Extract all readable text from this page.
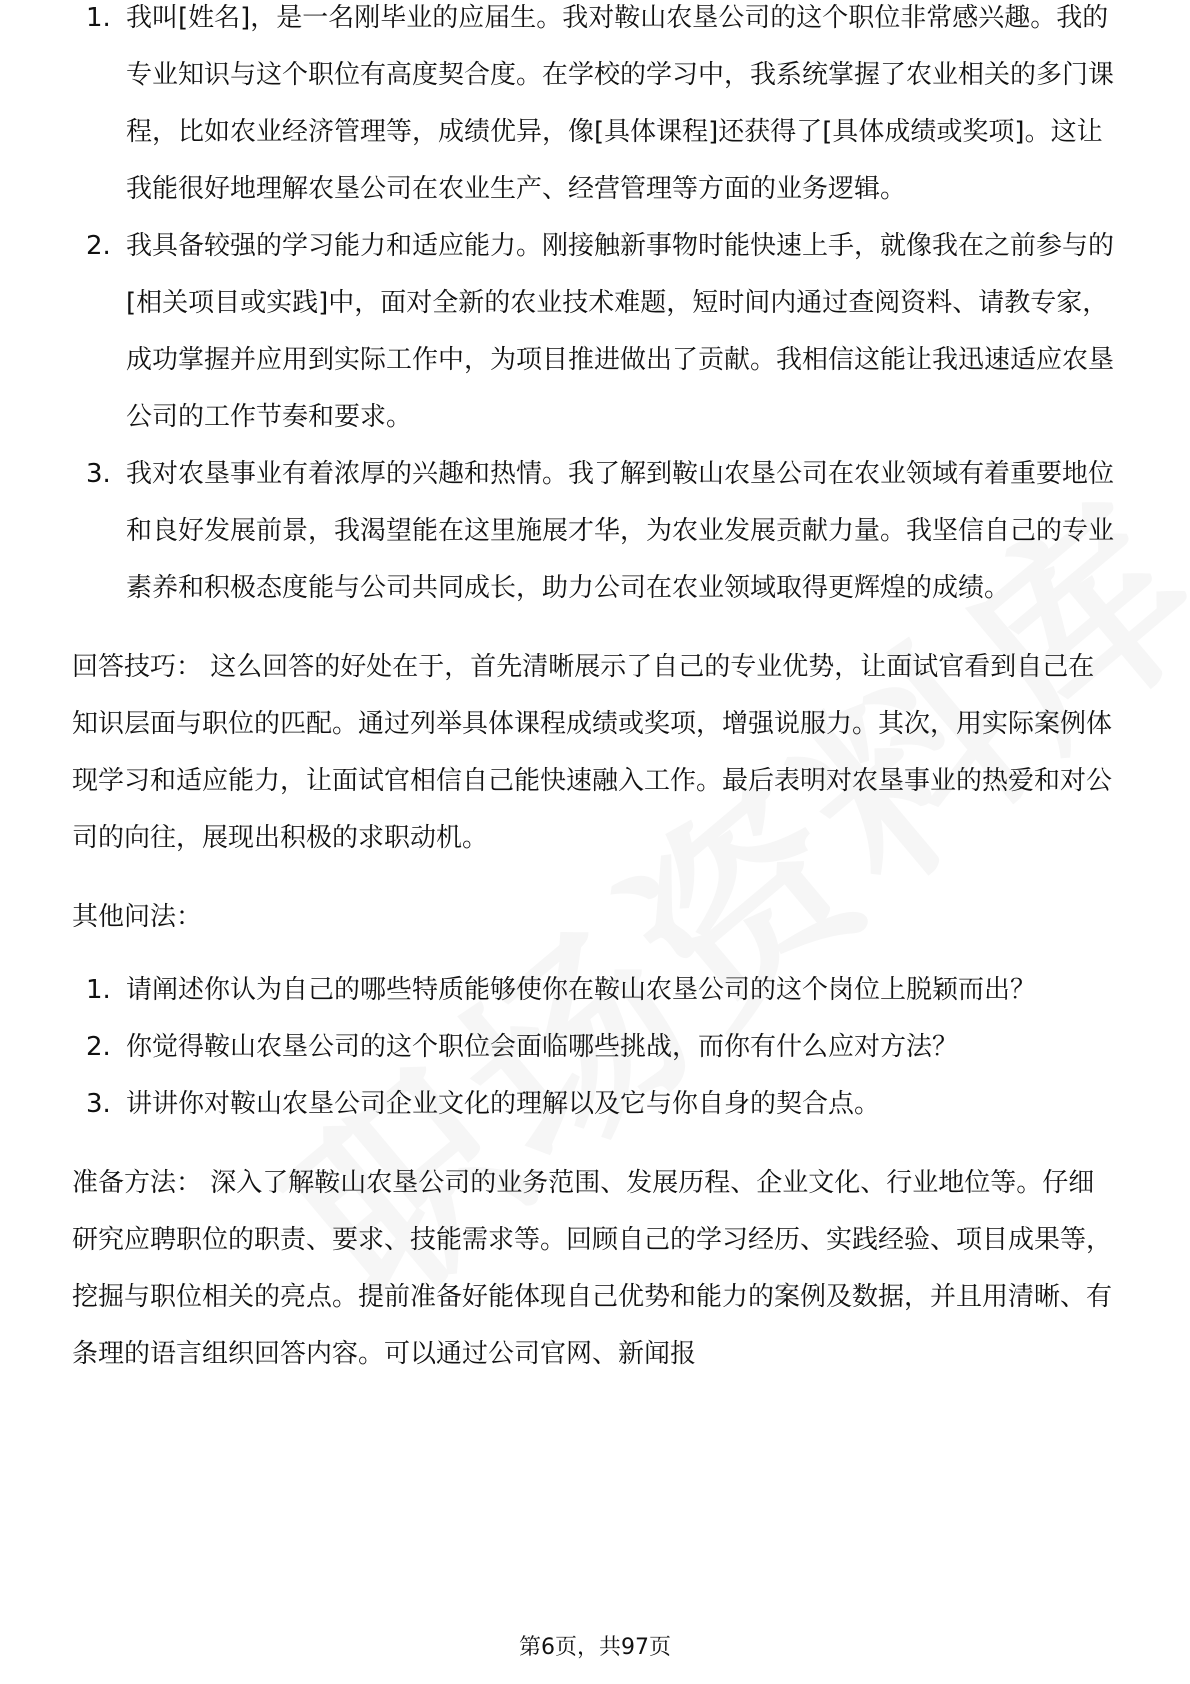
1. 我叫[姓名]，是一名刚毕业的应届生。我对鞍山农垦公司的这个职位非常感兴趣。我的专业知识与这个职位有高度契合度。在学校的学习中，我系统掌握了农业相关的多门课程，比如农业经济管理等，成绩优异，像[具体课程]还获得了[具体成绩或奖项]。这让我能很好地理解农垦公司在农业生产、经营管理等方面的业务逻辑。
2. 我具备较强的学习能力和适应能力。刚接触新事物时能快速上手，就像我在之前参与的[相关项目或实践]中，面对全新的农业技术难题，短时间内通过查阅资料、请教专家，成功掌握并应用到实际工作中，为项目推进做出了贡献。我相信这能让我迅速适应农垦公司的工作节奏和要求。
3. 我对农垦事业有着浓厚的兴趣和热情。我了解到鞍山农垦公司在农业领域有着重要地位和良好发展前景，我渴望能在这里施展才华，为农业发展贡献力量。我坚信自己的专业素养和积极态度能与公司共同成长，助力公司在农业领域取得更辉煌的成绩。
回答技巧： 这么回答的好处在于，首先清晰展示了自己的专业优势，让面试官看到自己在知识层面与职位的匹配。通过列举具体课程成绩或奖项，增强说服力。其次，用实际案例体现学习和适应能力，让面试官相信自己能快速融入工作。最后表明对农垦事业的热爱和对公司的向往，展现出积极的求职动机。
其他问法：
1. 请阐述你认为自己的哪些特质能够使你在鞍山农垦公司的这个岗位上脱颖而出？
2. 你觉得鞍山农垦公司的这个职位会面临哪些挑战，而你有什么应对方法？
3. 讲讲你对鞍山农垦公司企业文化的理解以及它与你自身的契合点。
准备方法： 深入了解鞍山农垦公司的业务范围、发展历程、企业文化、行业地位等。仔细研究应聘职位的职责、要求、技能需求等。回顾自己的学习经历、实践经验、项目成果等，挖掘与职位相关的亮点。提前准备好能体现自己优势和能力的案例及数据，并且用清晰、有条理的语言组织回答内容。可以通过公司官网、新闻报
第6页，共97页
